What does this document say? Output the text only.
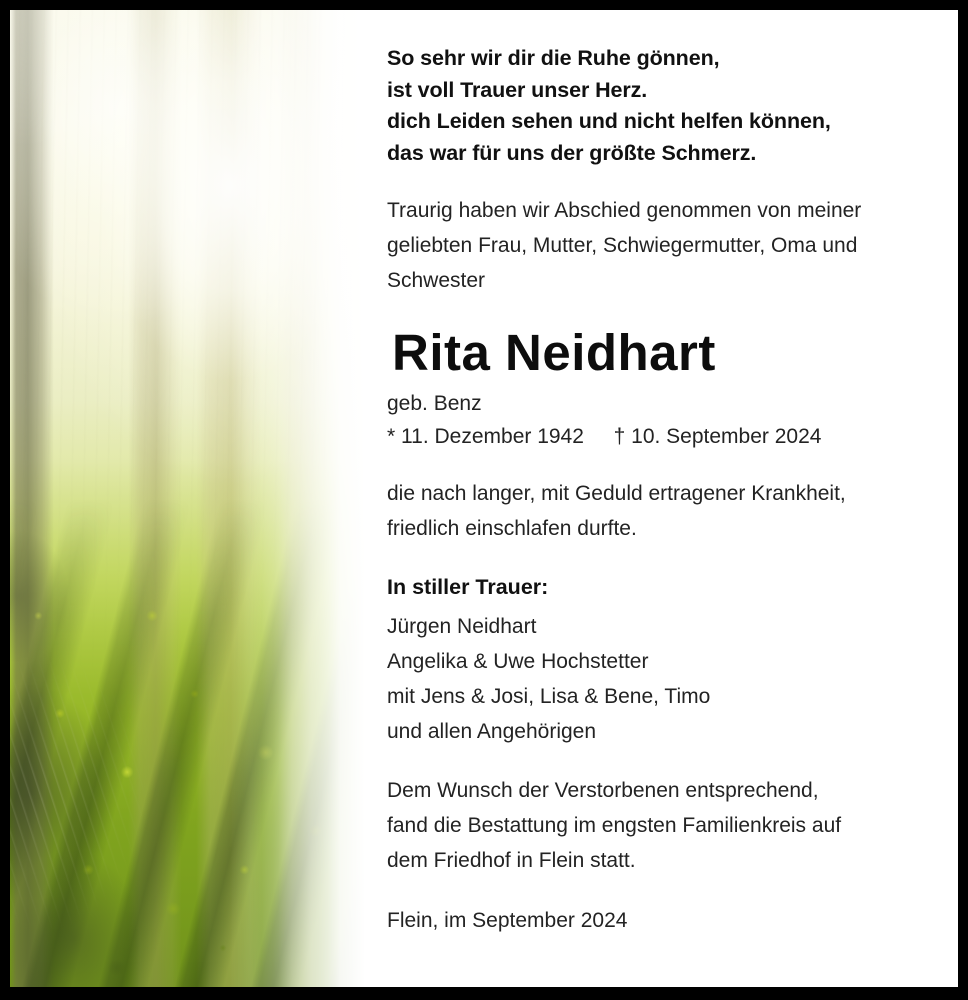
So sehr wir dir die Ruhe gönnen,
ist voll Trauer unser Herz.
dich Leiden sehen und nicht helfen können,
das war für uns der größte Schmerz.
Traurig haben wir Abschied genommen von meiner
geliebten Frau, Mutter, Schwiegermutter, Oma und
Schwester
Rita Neidhart
geb. Benz
* 11. Dezember 1942 † 10. September 2024
die nach langer, mit Geduld ertragener Krankheit,
friedlich einschlafen durfte.
In stiller Trauer:
Jürgen Neidhart
Angelika & Uwe Hochstetter
mit Jens & Josi, Lisa & Bene, Timo
und allen Angehörigen
Dem Wunsch der Verstorbenen entsprechend,
fand die Bestattung im engsten Familienkreis auf
dem Friedhof in Flein statt.
Flein, im September 2024
